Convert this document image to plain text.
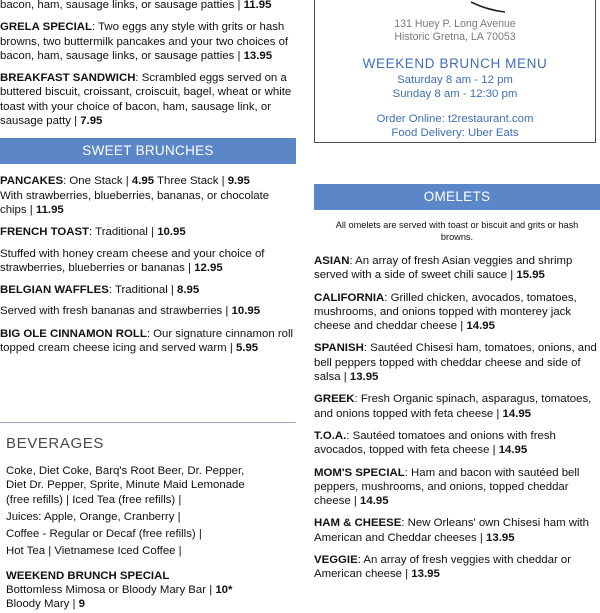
bacon, ham, sausage links, or sausage patties | 11.95
GRELA SPECIAL: Two eggs any style with grits or hash browns, two buttermilk pancakes and your two choices of bacon, ham, sausage links, or sausage patties | 13.95
BREAKFAST SANDWICH: Scrambled eggs served on a buttered biscuit, croissant, croiscuit, bagel, wheat or white toast with your choice of bacon, ham, sausage link, or sausage patty | 7.95
SWEET BRUNCHES
PANCAKES: One Stack | 4.95 Three Stack | 9.95
With strawberries, blueberries, bananas, or chocolate chips | 11.95
FRENCH TOAST: Traditional | 10.95
Stuffed with honey cream cheese and your choice of strawberries, blueberries or bananas | 12.95
BELGIAN WAFFLES: Traditional | 8.95
Served with fresh bananas and strawberries | 10.95
BIG OLE CINNAMON ROLL: Our signature cinnamon roll topped cream cheese icing and served warm | 5.95
BEVERAGES
Coke, Diet Coke, Barq's Root Beer, Dr. Pepper,
Diet Dr. Pepper, Sprite, Minute Maid Lemonade
(free refills) | Iced Tea (free refills) |
Juices: Apple, Orange, Cranberry |
Coffee - Regular or Decaf (free refills) |
Hot Tea | Vietnamese Iced Coffee |
WEEKEND BRUNCH SPECIAL
Bottomless Mimosa or Bloody Mary Bar | 10*
Bloody Mary | 9
131 Huey P. Long Avenue
Historic Gretna, LA 70053
WEEKEND BRUNCH MENU
Saturday 8 am - 12 pm
Sunday 8 am - 12:30 pm
Order Online: t2restaurant.com
Food Delivery: Uber Eats
OMELETS
All omelets are served with toast or biscuit and grits or hash browns.
ASIAN: An array of fresh Asian veggies and shrimp served with a side of sweet chili sauce | 15.95
CALIFORNIA: Grilled chicken, avocados, tomatoes, mushrooms, and onions topped with monterey jack cheese and cheddar cheese | 14.95
SPANISH: Sautéed Chisesi ham, tomatoes, onions, and bell peppers topped with cheddar cheese and side of salsa | 13.95
GREEK: Fresh Organic spinach, asparagus, tomatoes, and onions topped with feta cheese | 14.95
T.O.A.: Sautéed tomatoes and onions with fresh avocados, topped with feta cheese | 14.95
MOM'S SPECIAL: Ham and bacon with sautéed bell peppers, mushrooms, and onions, topped cheddar cheese | 14.95
HAM & CHEESE: New Orleans' own Chisesi ham with American and Cheddar cheeses | 13.95
VEGGIE: An array of fresh veggies with cheddar or American cheese | 13.95
